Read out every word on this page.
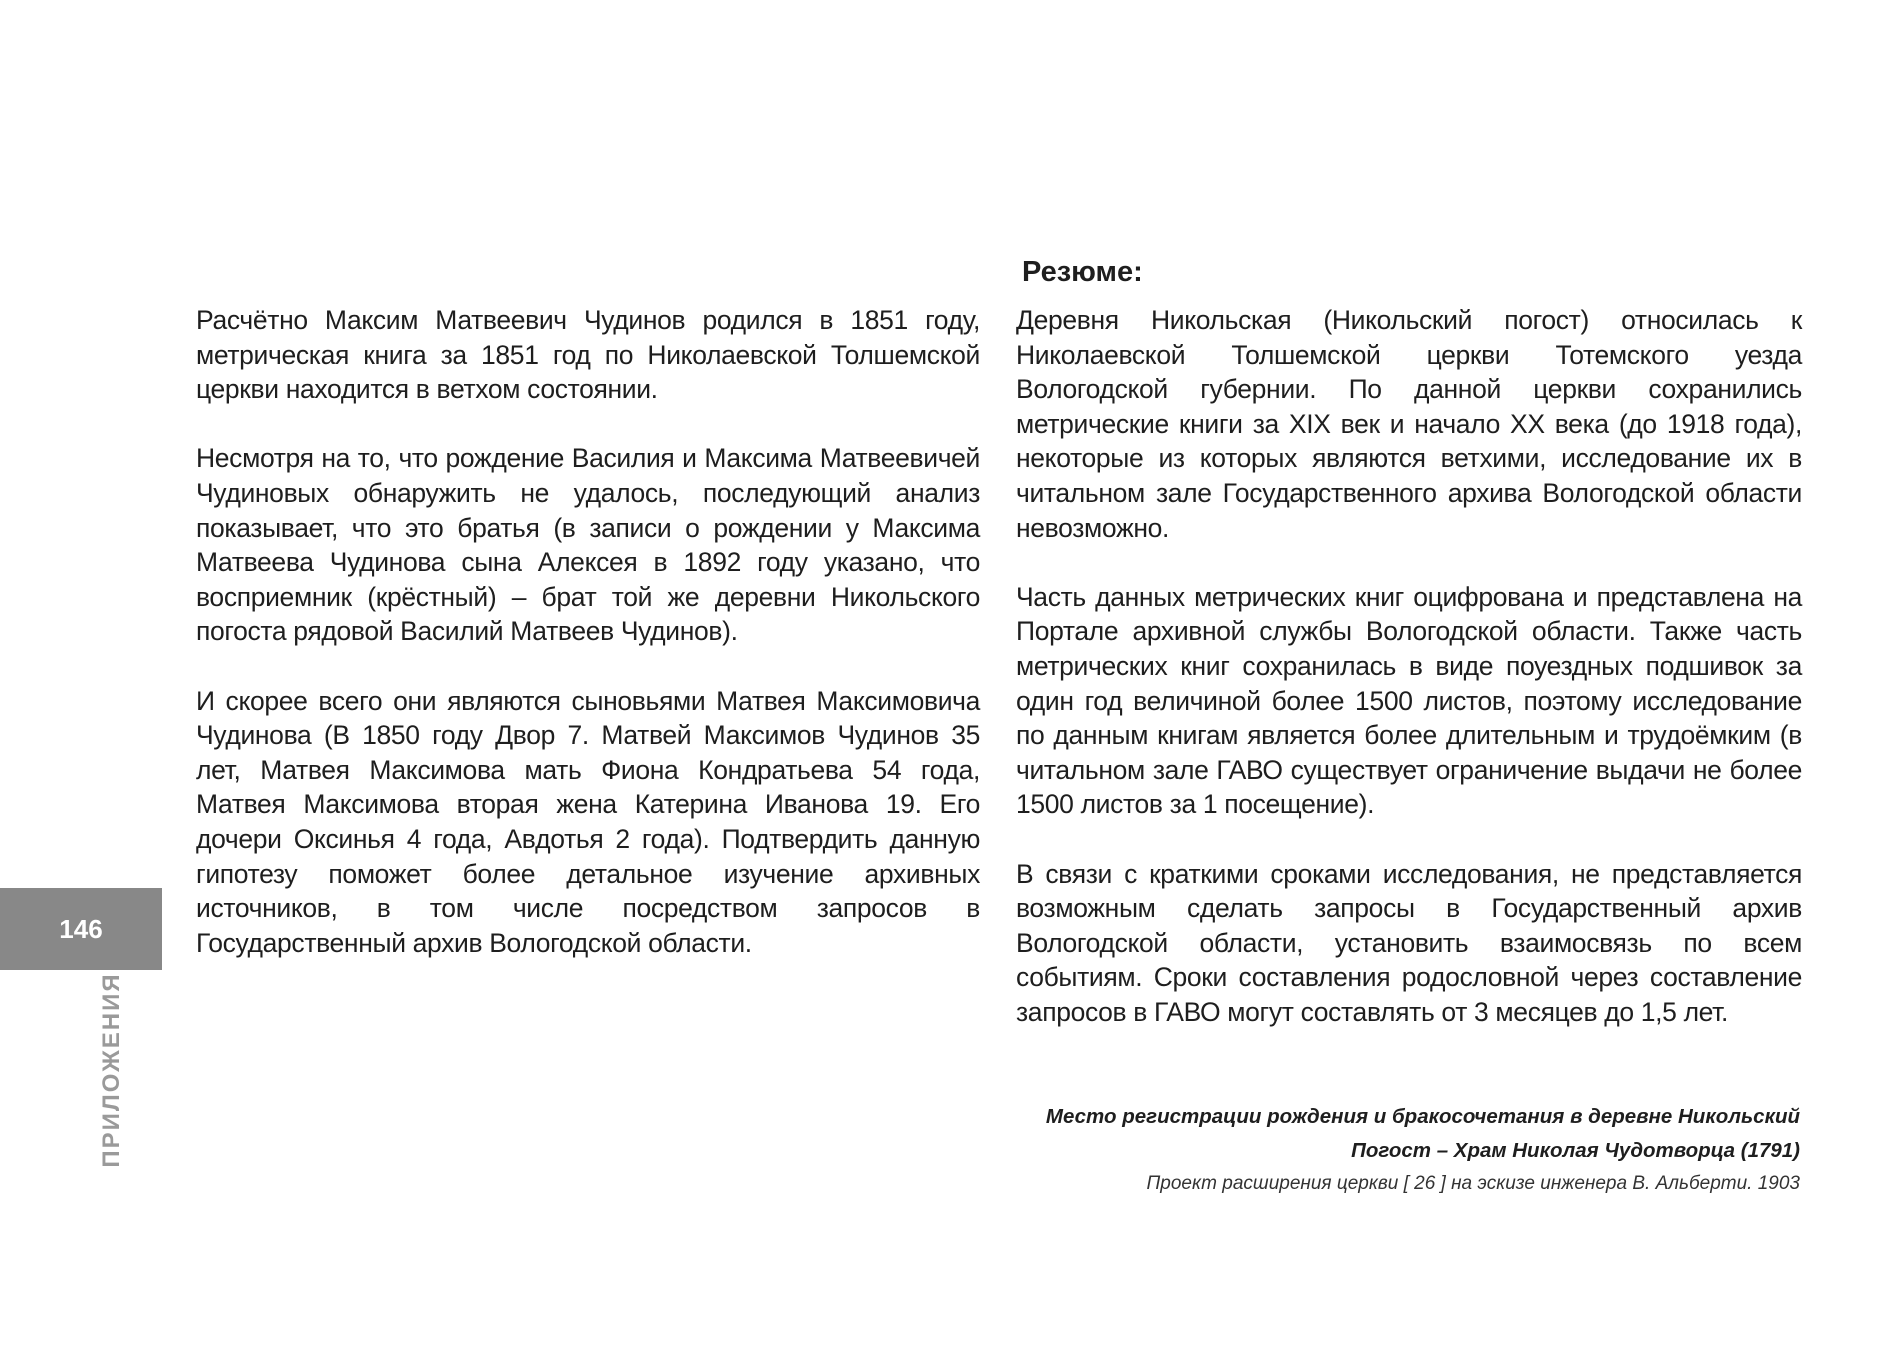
Расчётно Максим Матвеевич Чудинов родился в 1851 году, метрическая книга за 1851 год по Николаевской Толшемской церкви находится в ветхом состоянии.

Несмотря на то, что рождение Василия и Максима Матвеевичей Чудиновых обнаружить не удалось, последующий анализ показывает, что это братья (в записи о рождении у Максима Матвеева Чудинова сына Алексея в 1892 году указано, что восприемник (крёстный) – брат той же деревни Никольского погоста рядовой Василий Матвеев Чудинов).

И скорее всего они являются сыновьями Матвея Максимовича Чудинова (В 1850 году Двор 7. Матвей Максимов Чудинов 35 лет, Матвея Максимова мать Фиона Кондратьева 54 года, Матвея Максимова вторая жена Катерина Иванова 19. Его дочери Оксинья 4 года, Авдотья 2 года). Подтвердить данную гипотезу поможет более детальное изучение архивных источников, в том числе посредством запросов в Государственный архив Вологодской области.

Резюме:

Деревня Никольская (Никольский погост) относилась к Николаевской Толшемской церкви Тотемского уезда Вологодской губернии. По данной церкви сохранились метрические книги за XIX век и начало XX века (до 1918 года), некоторые из которых являются ветхими, исследование их в читальном зале Государственного архива Вологодской области невозможно.

Часть данных метрических книг оцифрована и представлена на Портале архивной службы Вологодской области. Также часть метрических книг сохранилась в виде поуездных подшивок за один год величиной более 1500 листов, поэтому исследование по данным книгам является более длительным и трудоёмким (в читальном зале ГАВО существует ограничение выдачи не более 1500 листов за 1 посещение).

В связи с краткими сроками исследования, не представляется возможным сделать запросы в Государственный архив Вологодской области, установить взаимосвязь по всем событиям. Сроки составления родословной через составление запросов в ГАВО могут составлять от 3 месяцев до 1,5 лет.

146
ПРИЛОЖЕНИЯ	Место регистрации рождения и бракосочетания в деревне Никольский
Погост – Храм Николая Чудотворца (1791)
Проект расширения церкви [ 26 ] на эскизе инженера В. Альберти. 1903
